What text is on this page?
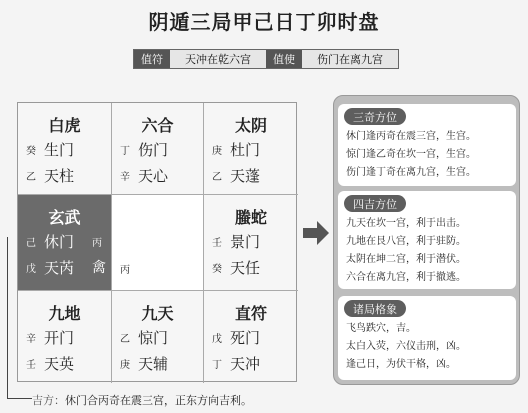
阴遁三局甲己日丁卯时盘
值符	天冲在乾六宫	值使	伤门在离九宫
白虎
癸 生门
乙 天柱
六合
丁 伤门
辛 天心
太阴
庚 杜门
乙 天蓬
玄武
己 休门 丙
戊 天芮 禽 丙
螣蛇
壬 景门
癸 天任
九地
辛 开门
壬 天英
九天
乙 惊门
庚 天辅
直符
戊 死门
丁 天冲
三奇方位
休门逢丙奇在震三宫，生宫。
惊门逢乙奇在坎一宫，生宫。
伤门逢丁奇在离九宫，生宫。
四吉方位
九天在坎一宫，利于出击。
九地在艮八宫，利于驻防。
太阴在坤二宫，利于潜伏。
六合在离九宫，利于撤逃。
诸局格象
飞鸟跌穴，吉。
太白入荧，六仪击刑，凶。
逢己日，为伏干格，凶。
吉方：休门合丙奇在震三宫，正东方向吉利。
